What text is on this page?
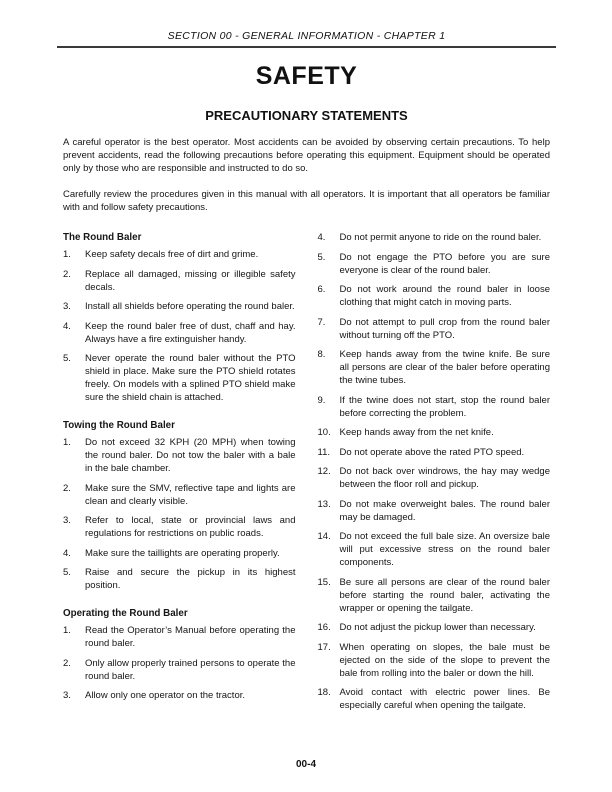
SECTION 00 - GENERAL INFORMATION - CHAPTER 1
SAFETY
PRECAUTIONARY STATEMENTS

A careful operator is the best operator. Most accidents can be avoided by observing certain precautions. To help prevent accidents, read the following precautions before operating this equipment. Equipment should be operated only by those who are responsible and instructed to do so.

Carefully review the procedures given in this manual with all operators. It is important that all operators be familiar with and follow safety precautions.

The Round Baler
1.	Keep safety decals free of dirt and grime.
2.	Replace all damaged, missing or illegible safety decals.
3.	Install all shields before operating the round baler.
4.	Keep the round baler free of dust, chaff and hay. Always have a fire extinguisher handy.
5.	Never operate the round baler without the PTO shield in place. Make sure the PTO shield rotates freely. On models with a splined PTO shield make sure the shield chain is attached.
Towing the Round Baler
1.	Do not exceed 32 KPH (20 MPH) when towing the round baler. Do not tow the baler with a bale in the bale chamber.
2.	Make sure the SMV, reflective tape and lights are clean and clearly visible.
3.	Refer to local, state or provincial laws and regulations for restrictions on public roads.
4.	Make sure the taillights are operating properly.
5.	Raise and secure the pickup in its highest position.
Operating the Round Baler
1.	Read the Operator’s Manual before operating the round baler.
2.	Only allow properly trained persons to operate the round baler.
3.	Allow only one operator on the tractor.
4.	Do not permit anyone to ride on the round baler.
5.	Do not engage the PTO before you are sure everyone is clear of the round baler.
6.	Do not work around the round baler in loose clothing that might catch in moving parts.
7.	Do not attempt to pull crop from the round baler without turning off the PTO.
8.	Keep hands away from the twine knife. Be sure all persons are clear of the baler before operating the twine tubes.
9.	If the twine does not start, stop the round baler before correcting the problem.
10. Keep hands away from the net knife.
11. Do not operate above the rated PTO speed.
12. Do not back over windrows, the hay may wedge between the floor roll and pickup.
13. Do not make overweight bales. The round baler may be damaged.
14. Do not exceed the full bale size. An oversize bale will put excessive stress on the round baler components.
15. Be sure all persons are clear of the round baler before starting the round baler, activating the wrapper or opening the tailgate.
16. Do not adjust the pickup lower than necessary.
17. When operating on slopes, the bale must be ejected on the side of the slope to prevent the bale from rolling into the baler or down the hill.
18. Avoid contact with electric power lines. Be especially careful when opening the tailgate.
00-4
